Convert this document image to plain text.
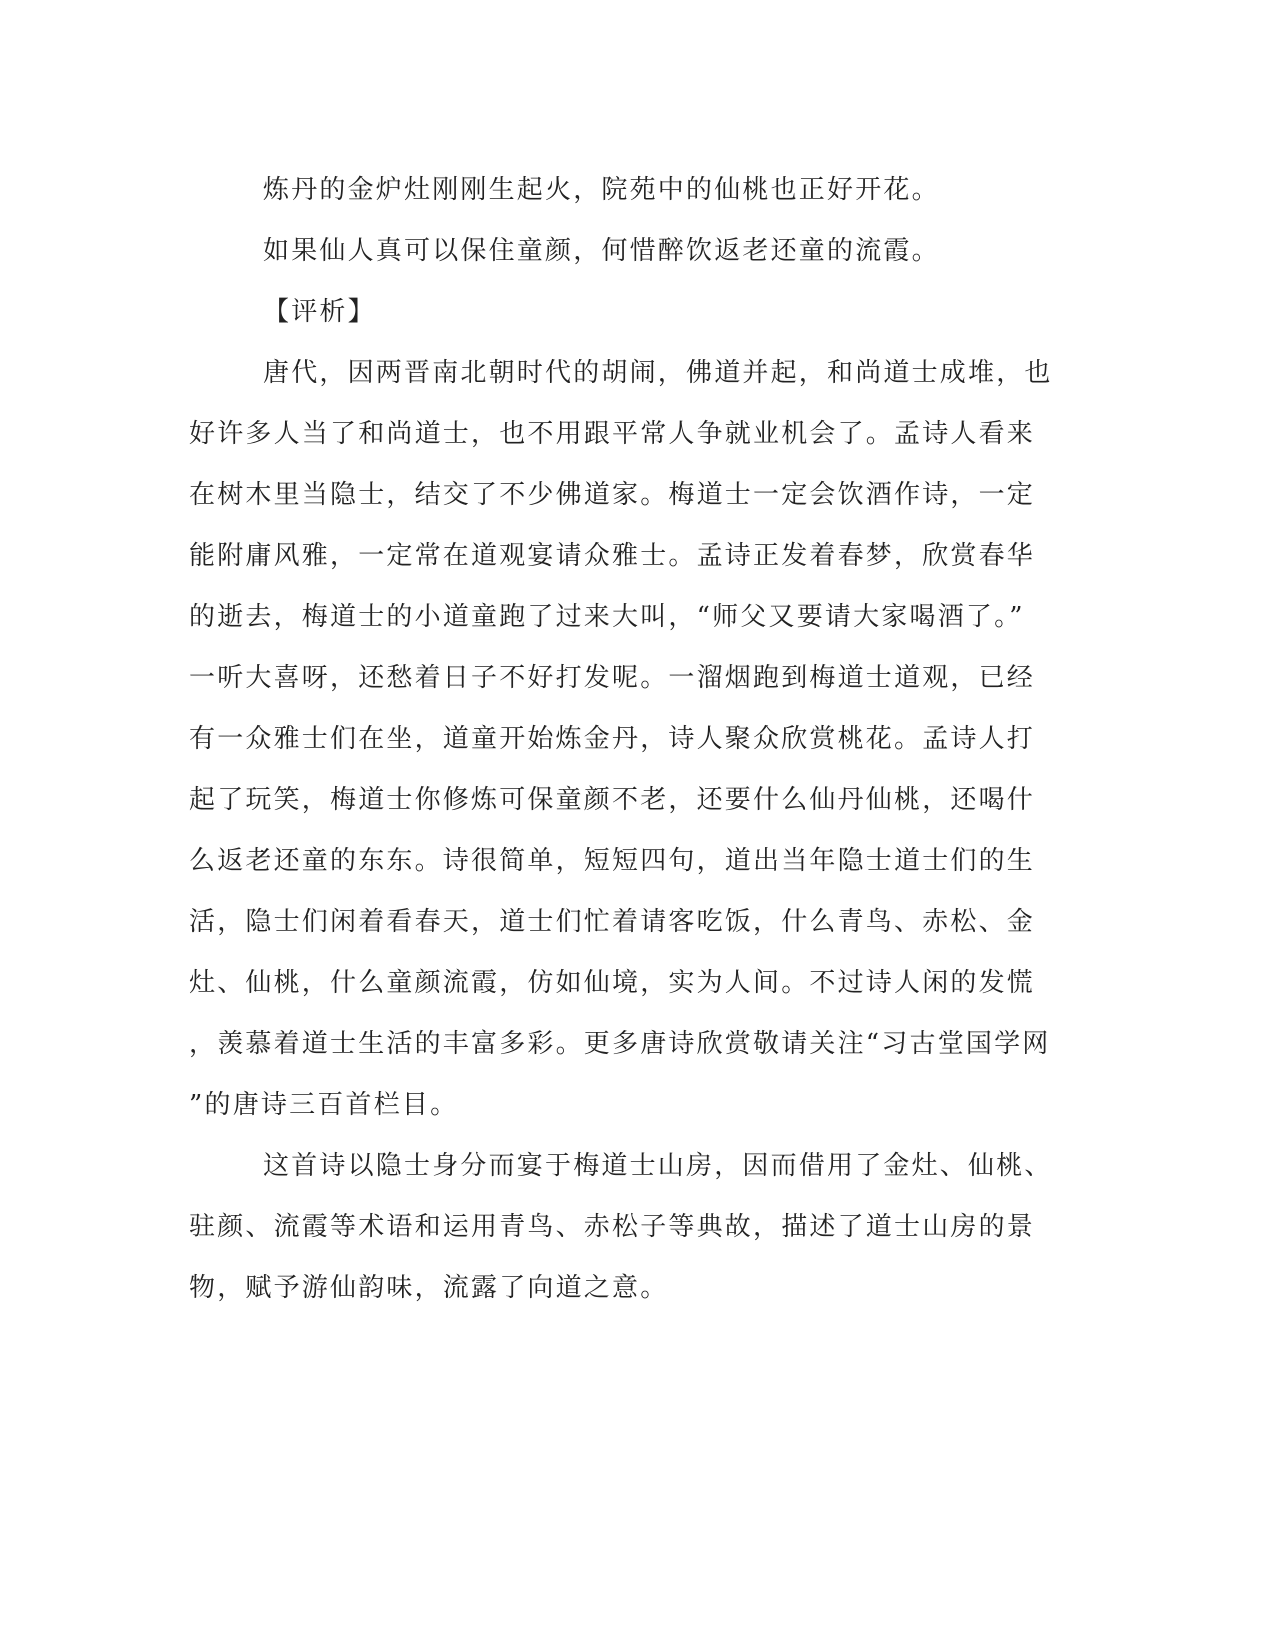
炼丹的金炉灶刚刚生起火，院苑中的仙桃也正好开花。

如果仙人真可以保住童颜，何惜醉饮返老还童的流霞。

【评析】

唐代，因两晋南北朝时代的胡闹，佛道并起，和尚道士成堆，也
好许多人当了和尚道士，也不用跟平常人争就业机会了。孟诗人看来
在树木里当隐士，结交了不少佛道家。梅道士一定会饮酒作诗，一定
能附庸风雅，一定常在道观宴请众雅士。孟诗正发着春梦，欣赏春华
的逝去，梅道士的小道童跑了过来大叫，“师父又要请大家喝酒了。”
一听大喜呀，还愁着日子不好打发呢。一溜烟跑到梅道士道观，已经
有一众雅士们在坐，道童开始炼金丹，诗人聚众欣赏桃花。孟诗人打
起了玩笑，梅道士你修炼可保童颜不老，还要什么仙丹仙桃，还喝什
么返老还童的东东。诗很简单，短短四句，道出当年隐士道士们的生
活，隐士们闲着看春天，道士们忙着请客吃饭，什么青鸟、赤松、金
灶、仙桃，什么童颜流霞，仿如仙境，实为人间。不过诗人闲的发慌
，羡慕着道士生活的丰富多彩。更多唐诗欣赏敬请关注“习古堂国学网
”的唐诗三百首栏目。

这首诗以隐士身分而宴于梅道士山房，因而借用了金灶、仙桃、
驻颜、流霞等术语和运用青鸟、赤松子等典故，描述了道士山房的景
物，赋予游仙韵味，流露了向道之意。
